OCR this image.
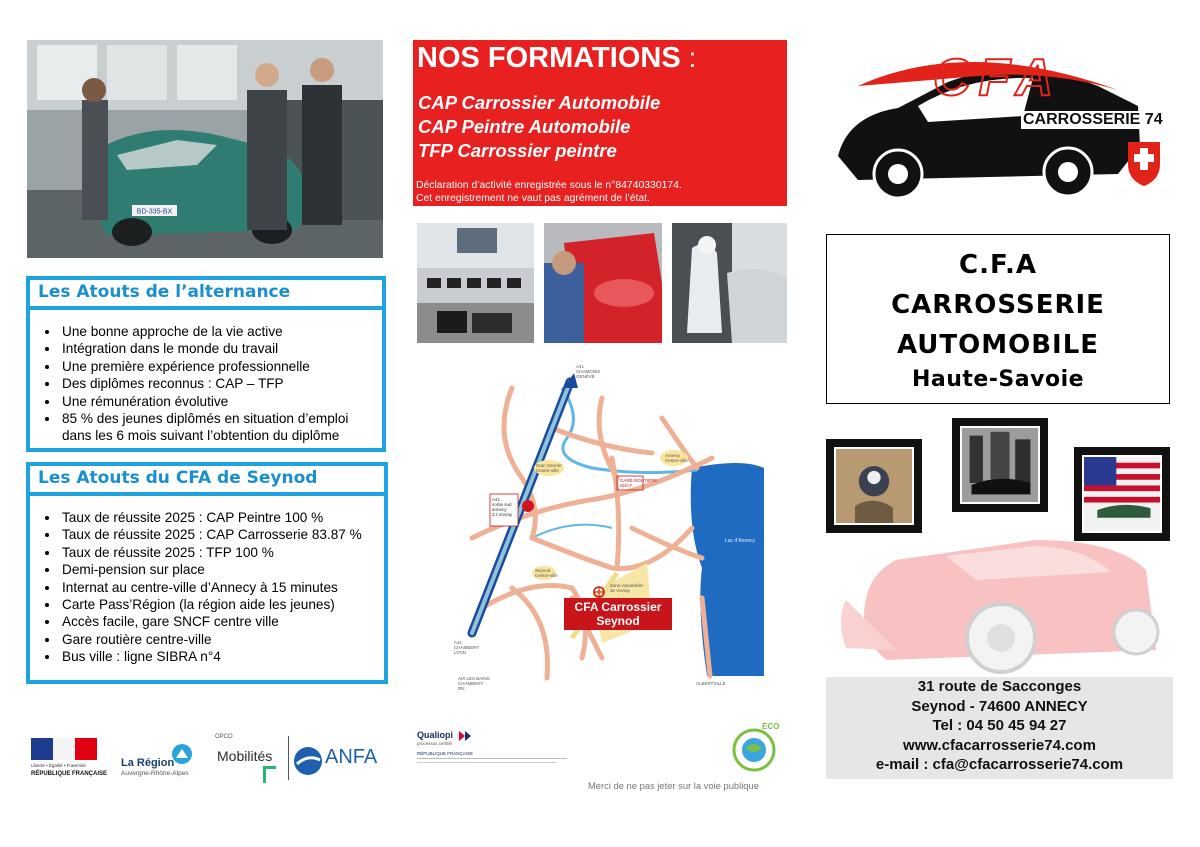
BD-335-BX
Les Atouts de l’alternance
• Une bonne approche de la vie active
• Intégration dans le monde du travail
• Une première expérience professionnelle
• Des diplômes reconnus : CAP – TFP
• Une rémunération évolutive
• 85 % des jeunes diplômés en situation d’emploi dans les 6 mois suivant l’obtention du diplôme
Les Atouts du CFA de Seynod
• Taux de réussite 2025 : CAP Peintre 100 %
• Taux de réussite 2025 : CAP Carrosserie 83.87 %
• Taux de réussite 2025 : TFP 100 %
• Demi-pension sur place
• Internat au centre-ville d’Annecy à 15 minutes
• Carte Pass’Région (la région aide les jeunes)
• Accès facile, gare SNCF centre ville
• Gare routière centre-ville
• Bus ville : ligne SIBRA n°4
Liberté • Égalité • Fraternité
RÉPUBLIQUE FRANÇAISE
La Région
Auvergne-Rhône-Alpes
OPCO
Mobilités	ANFA
NOS FORMATIONS :
CAP Carrossier Automobile
CAP Peintre Automobile
TFP Carrossier peintre
Déclaration d’activité enregistrée sous le n°84740330174.
Cet enregistrement ne vaut pas agrément de l’état.
A41
CHAMONIX
GENÈVE
A41
CHAMBERY
LYON
AIX LES BAINS
CHAMBERY
RN
A41
sortie sud
annecy
Z.I.Vovray
Cran Gevrier
Centre-ville
GARE ROUTIÈRE
SNCF
Annecy
Centre-ville
Seynod
Centre-ville
Zone industrielle
de Vovray
Lac d’Annecy
ALBERTVILLE
CFA Carrossier
Seynod
Qualiopi
processus certifié
RÉPUBLIQUE FRANÇAISE
ECO
Merci de ne pas jeter sur la voie publique
CFA
CARROSSERIE 74
C.F.A
CARROSSERIE
AUTOMOBILE
Haute-Savoie
31 route de Sacconges
Seynod - 74600 ANNECY
Tel : 04 50 45 94 27
www.cfacarrosserie74.com
e-mail : cfa@cfacarrosserie74.com
